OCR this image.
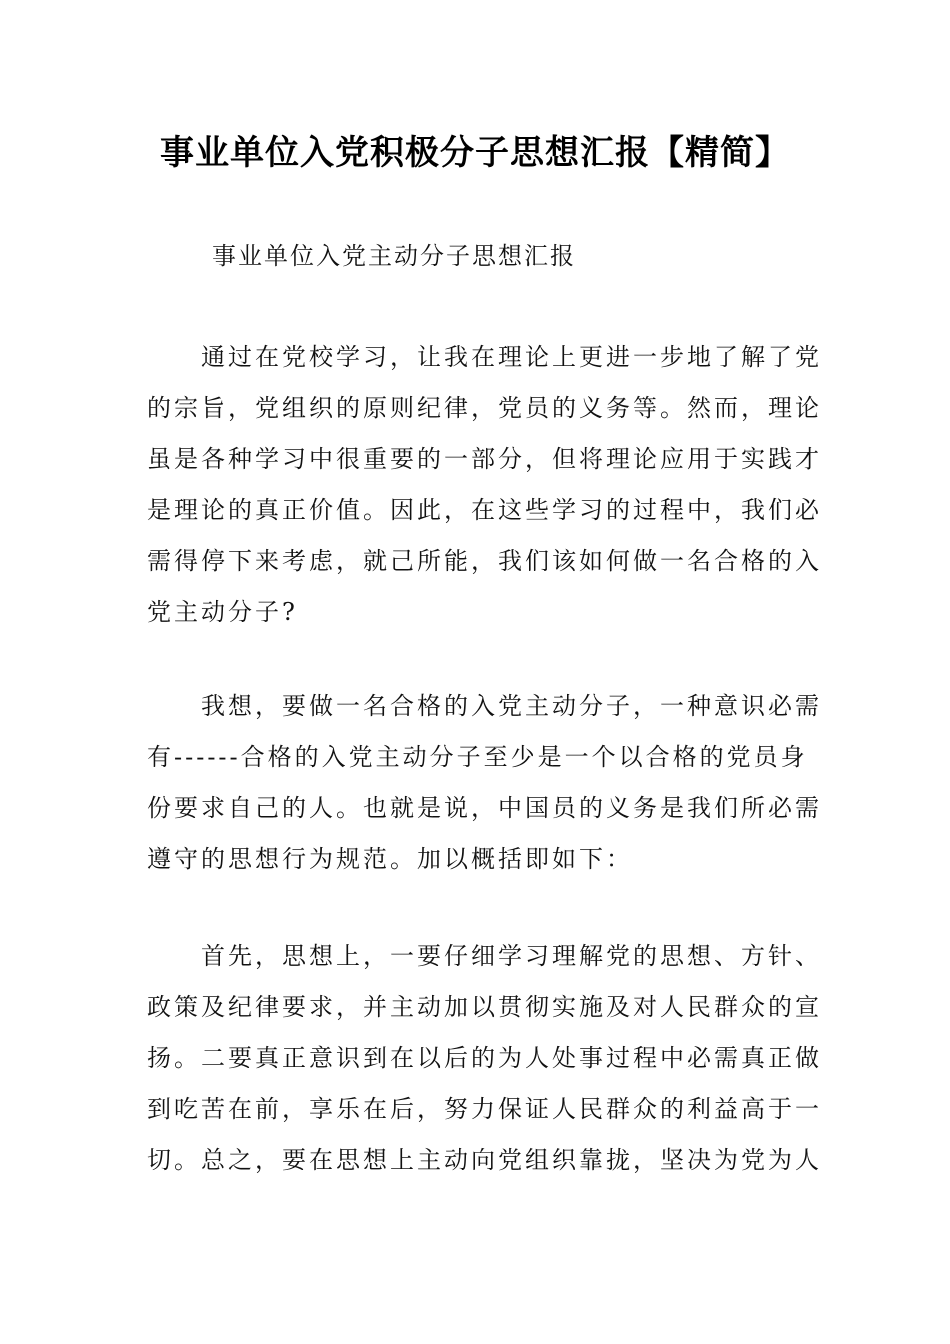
事业单位入党积极分子思想汇报【精简】
事业单位入党主动分子思想汇报
通过在党校学习，让我在理论上更进一步地了解了党
的宗旨，党组织的原则纪律，党员的义务等。然而，理论
虽是各种学习中很重要的一部分，但将理论应用于实践才
是理论的真正价值。因此，在这些学习的过程中，我们必
需得停下来考虑，就己所能，我们该如何做一名合格的入
党主动分子?
我想，要做一名合格的入党主动分子，一种意识必需
有------合格的入党主动分子至少是一个以合格的党员身
份要求自己的人。也就是说，中国员的义务是我们所必需
遵守的思想行为规范。加以概括即如下：
首先，思想上，一要仔细学习理解党的思想、方针、
政策及纪律要求，并主动加以贯彻实施及对人民群众的宣
扬。二要真正意识到在以后的为人处事过程中必需真正做
到吃苦在前，享乐在后，努力保证人民群众的利益高于一
切。总之，要在思想上主动向党组织靠拢，坚决为党为人
